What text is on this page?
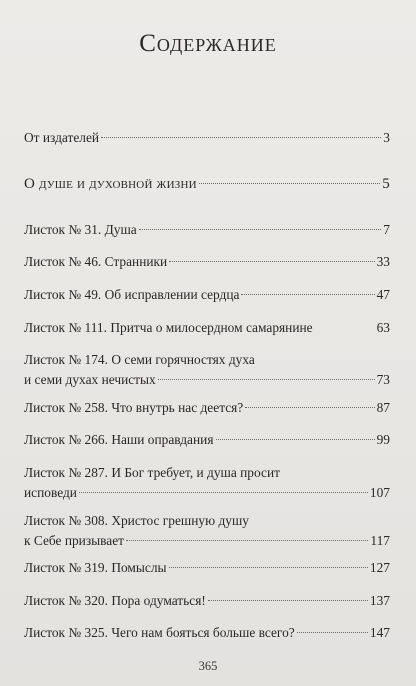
Содержание
От издателей	3
О душе и духовной жизни	5
Листок № 31. Душа	7
Листок № 46. Странники	33
Листок № 49. Об исправлении сердца	47
Листок № 111. Притча о милосердном самарянине	63
Листок № 174. О семи горячностях духа
и семи духах нечистых	73
Листок № 258. Что внутрь нас деется?	87
Листок № 266. Наши оправдания	99
Листок № 287. И Бог требует, и душа просит
исповеди	107
Листок № 308. Христос грешную душу
к Себе призывает	117
Листок № 319. Помыслы	127
Листок № 320. Пора одуматься!	137
Листок № 325. Чего нам бояться больше всего?	147
365
